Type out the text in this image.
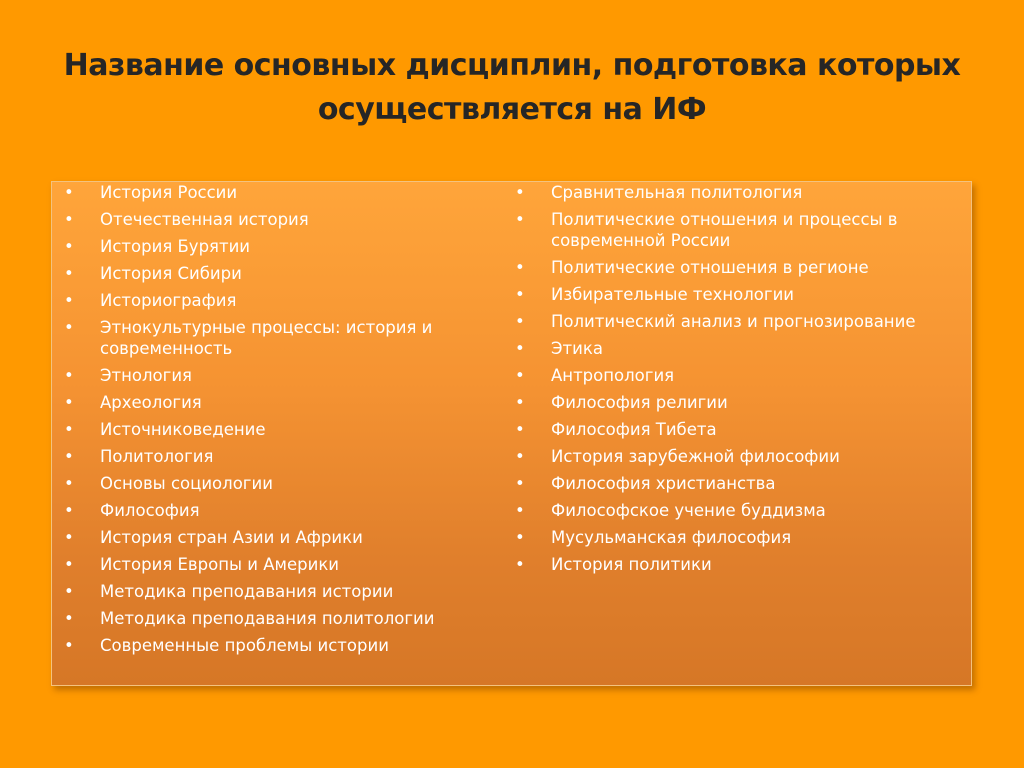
Название основных дисциплин, подготовка которых осуществляется на ИФ
•
История России
•
Отечественная история
•
История Бурятии
•
История Сибири
•
Историография
•
Этнокультурные процессы: история и современность
•
Этнология
•
Археология
•
Источниковедение
•
Политология
•
Основы социологии
•
Философия
•
История стран Азии и Африки
•
История Европы и Америки
•
Методика преподавания истории
•
Методика преподавания политологии
•
Современные проблемы истории
•
Сравнительная политология
•
Политические отношения и процессы в современной России
•
Политические отношения в регионе
•
Избирательные технологии
•
Политический анализ и прогнозирование
•
Этика
•
Антропология
•
Философия религии
•
Философия Тибета
•
История зарубежной философии
•
Философия христианства
•
Философское учение буддизма
•
Мусульманская философия
•
История политики
